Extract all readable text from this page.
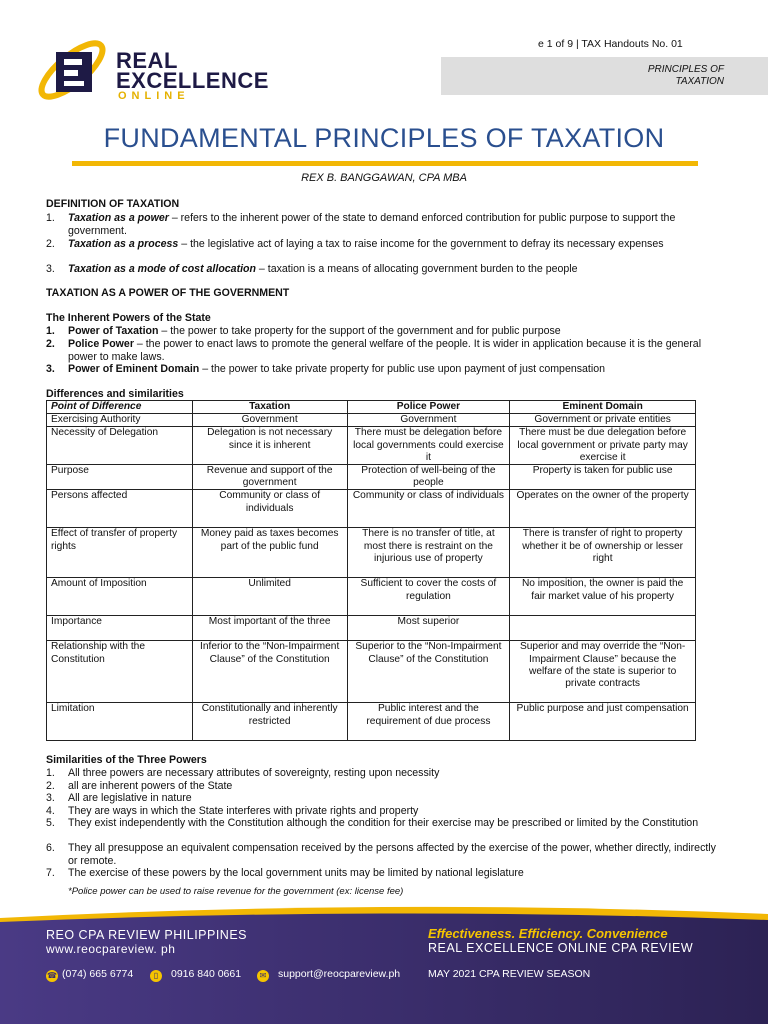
REAL
EXCELLENCE
ONLINE
e 1 of 9 | TAX Handouts No. 01
PRINCIPLES OF TAXATION
FUNDAMENTAL PRINCIPLES OF TAXATION
REX B. BANGGAWAN, CPA MBA
DEFINITION OF TAXATION
1. Taxation as a power – refers to the inherent power of the state to demand enforced contribution for public purpose to support the government.
2. Taxation as a process – the legislative act of laying a tax to raise income for the government to defray its necessary expenses
3. Taxation as a mode of cost allocation – taxation is a means of allocating government burden to the people
TAXATION AS A POWER OF THE GOVERNMENT
The Inherent Powers of the State
1. Power of Taxation – the power to take property for the support of the government and for public purpose
2. Police Power – the power to enact laws to promote the general welfare of the people. It is wider in application because it is the general power to make laws.
3. Power of Eminent Domain – the power to take private property for public use upon payment of just compensation
Differences and similarities
Point of Difference	Taxation	Police Power	Eminent Domain
Exercising Authority	Government	Government	Government or private entities
Necessity of Delegation	Delegation is not necessary since it is inherent	There must be delegation before local governments could exercise it	There must be due delegation before local government or private party may exercise it
Purpose	Revenue and support of the government	Protection of well-being of the people	Property is taken for public use
Persons affected	Community or class of individuals	Community or class of individuals	Operates on the owner of the property
Effect of transfer of property rights	Money paid as taxes becomes part of the public fund	There is no transfer of title, at most there is restraint on the injurious use of property	There is transfer of right to property whether it be of ownership or lesser right
Amount of Imposition	Unlimited	Sufficient to cover the costs of regulation	No imposition, the owner is paid the fair market value of his property
Importance	Most important of the three	Most superior	
Relationship with the Constitution	Inferior to the “Non-Impairment Clause” of the Constitution	Superior to the “Non-Impairment Clause” of the Constitution	Superior and may override the “Non-Impairment Clause” because the welfare of the state is superior to private contracts
Limitation	Constitutionally and inherently restricted	Public interest and the requirement of due process	Public purpose and just compensation
Similarities of the Three Powers
1. All three powers are necessary attributes of sovereignty, resting upon necessity
2. all are inherent powers of the State
3. All are legislative in nature
4. They are ways in which the State interferes with private rights and property
5. They exist independently with the Constitution although the condition for their exercise may be prescribed or limited by the Constitution
6. They all presuppose an equivalent compensation received by the persons affected by the exercise of the power, whether directly, indirectly or remote.
7. The exercise of these powers by the local government units may be limited by national legislature
*Police power can be used to raise revenue for the government (ex: license fee)
REO CPA REVIEW PHILIPPINES
www.reocpareview. ph
Effectiveness. Efficiency. Convenience
REAL EXCELLENCE ONLINE CPA REVIEW
☎ (074) 665 6774	▯	0916 840 0661	✉ support@reocpareview.ph	MAY 2021 CPA REVIEW SEASON
